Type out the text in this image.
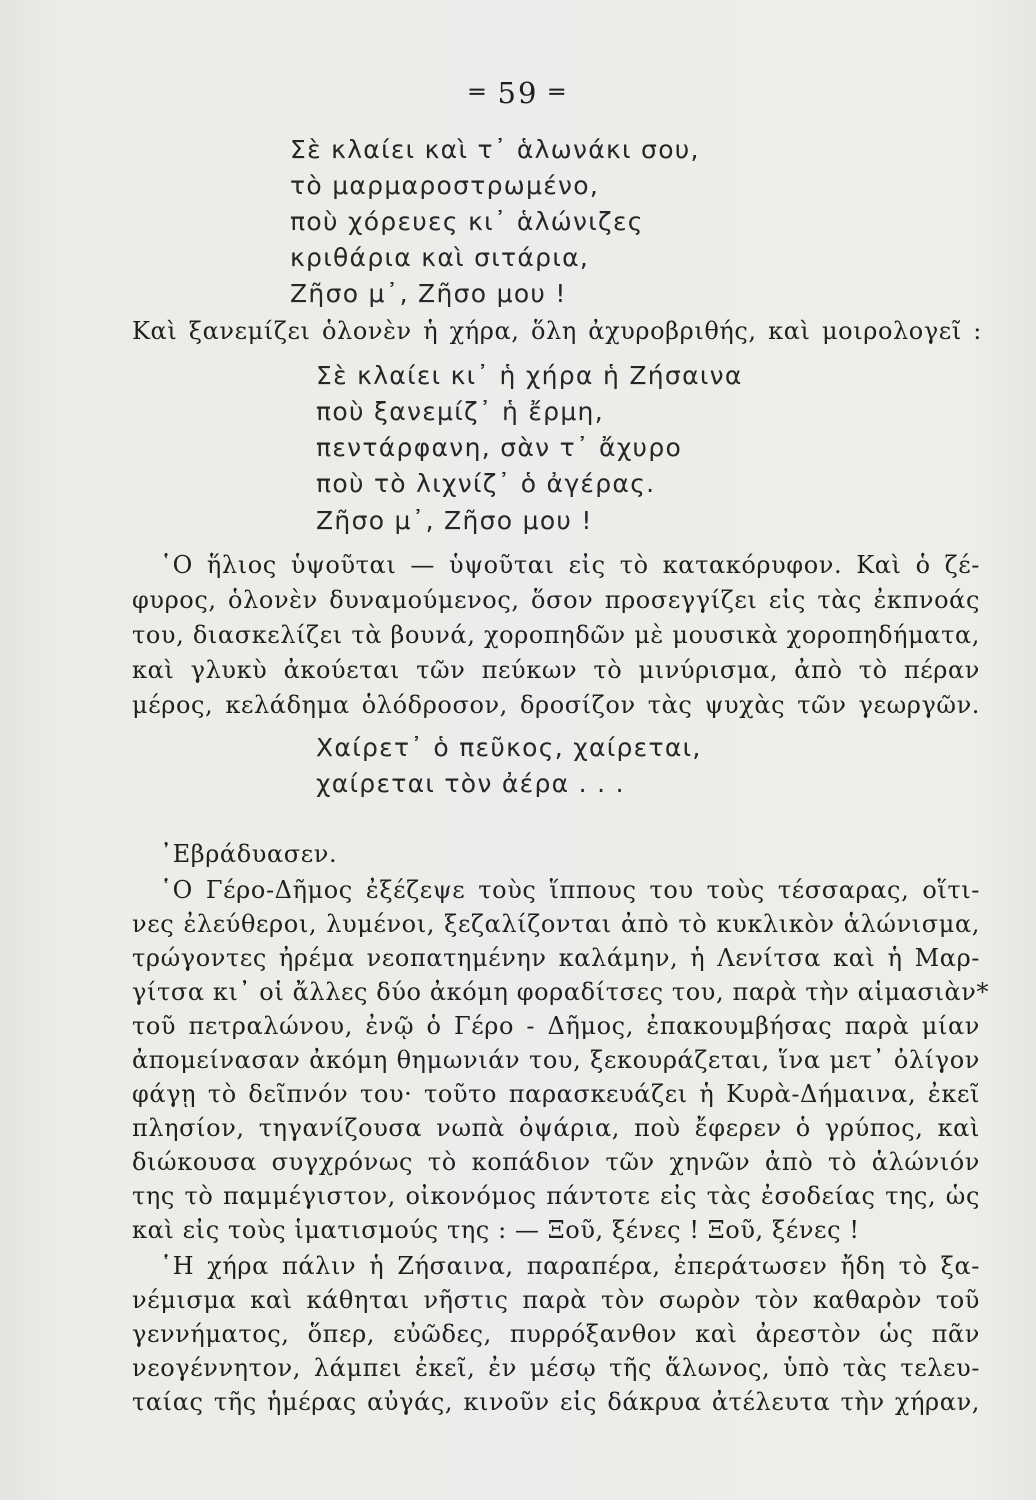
═ 59 ═
Σὲ κλαίει καὶ τ᾽ ἁλωνάκι σου,
τὸ μαρμαροστρωμένο,
ποὺ χόρευες κι᾽ ἁλώνιζες
κριθάρια καὶ σιτάρια,
Ζῆσο μ᾽, Ζῆσο μου !
Καὶ ξανεμίζει ὁλονὲν ἡ χήρα, ὅλη ἀχυροβριθής, καὶ μοιρολογεῖ :
Σὲ κλαίει κι᾽ ἡ χήρα ἡ Ζήσαινα
ποὺ ξανεμίζ᾽ ἡ ἔρμη,
πεντάρφανη, σὰν τ᾽ ἄχυρο
ποὺ τὸ λιχνίζ᾽ ὁ ἀγέρας.
Ζῆσο μ᾽, Ζῆσο μου !
῾Ο ἥλιος ὑψοῦται — ὑψοῦται εἰς τὸ κατακόρυφον. Καὶ ὁ ζέ-
φυρος, ὁλονὲν δυναμούμενος, ὅσον προσεγγίζει εἰς τὰς ἐκπνοάς
του, διασκελίζει τὰ βουνά, χοροπηδῶν μὲ μουσικὰ χοροπηδήματα,
καὶ γλυκὺ ἀκούεται τῶν πεύκων τὸ μινύρισμα, ἀπὸ τὸ πέραν
μέρος, κελάδημα ὁλόδροσον, δροσίζον τὰς ψυχὰς τῶν γεωργῶν.
Χαίρετ᾽ ὁ πεῦκος, χαίρεται,
χαίρεται τὸν ἀέρα . . .
᾽Εβράδυασεν.
῾Ο Γέρο-Δῆμος ἐξέζεψε τοὺς ἵππους του τοὺς τέσσαρας, οἵτι-
νες ἐλεύθεροι, λυμένοι, ξεζαλίζονται ἀπὸ τὸ κυκλικὸν ἁλώνισμα,
τρώγοντες ἠρέμα νεοπατημένην καλάμην, ἡ Λενίτσα καὶ ἡ Μαρ-
γίτσα κι᾽ οἱ ἄλλες δύο ἀκόμη φοραδίτσες του, παρὰ τὴν αἱμασιὰν*
τοῦ πετραλώνου, ἐνῷ ὁ Γέρο - Δῆμος, ἐπακουμβήσας παρὰ μίαν
ἀπομείνασαν ἀκόμη θημωνιάν του, ξεκουράζεται, ἵνα μετ᾽ ὀλίγον
φάγῃ τὸ δεῖπνόν του· τοῦτο παρασκευάζει ἡ Κυρὰ-Δήμαινα, ἐκεῖ
πλησίον, τηγανίζουσα νωπὰ ὀψάρια, ποὺ ἔφερεν ὁ γρύπος, καὶ
διώκουσα συγχρόνως τὸ κοπάδιον τῶν χηνῶν ἀπὸ τὸ ἁλώνιόν
της τὸ παμμέγιστον, οἰκονόμος πάντοτε εἰς τὰς ἐσοδείας της, ὡς
καὶ εἰς τοὺς ἱματισμούς της : — Ξοῦ, ξένες ! Ξοῦ, ξένες !
῾Η χήρα πάλιν ἡ Ζήσαινα, παραπέρα, ἐπεράτωσεν ἤδη τὸ ξα-
νέμισμα καὶ κάθηται νῆστις παρὰ τὸν σωρὸν τὸν καθαρὸν τοῦ
γεννήματος, ὅπερ, εὐῶδες, πυρρόξανθον καὶ ἀρεστὸν ὡς πᾶν
νεογέννητον, λάμπει ἐκεῖ, ἐν μέσῳ τῆς ἅλωνος, ὑπὸ τὰς τελευ-
ταίας τῆς ἡμέρας αὐγάς, κινοῦν εἰς δάκρυα ἀτέλευτα τὴν χήραν,
